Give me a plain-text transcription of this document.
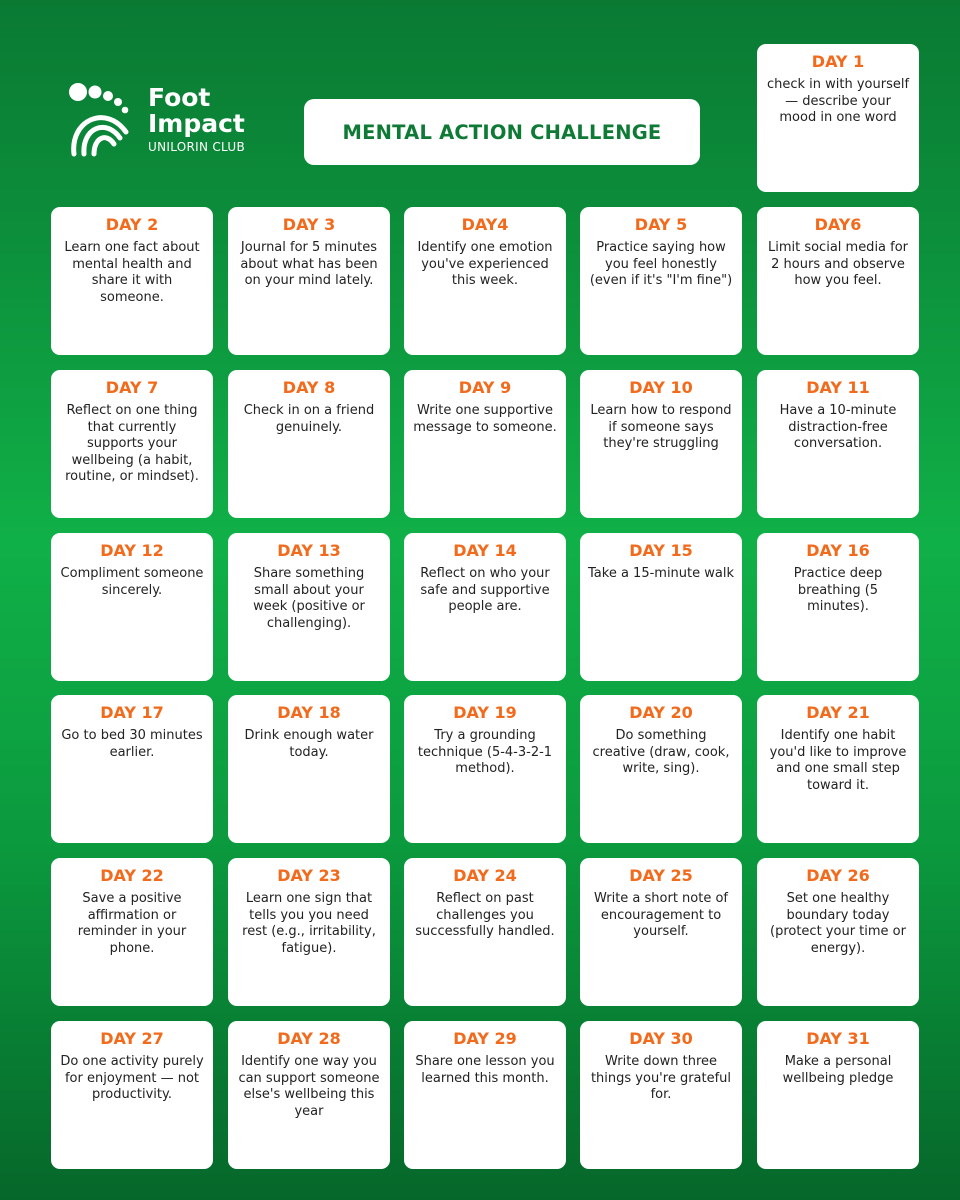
Foot
Impact
UNILORIN CLUB
MENTAL ACTION CHALLENGE
DAY 1
check in with yourself — describe your mood in one word
DAY 2
Learn one fact about mental health and share it with someone.
DAY 3
Journal for 5 minutes about what has been on your mind lately.
DAY4
Identify one emotion you've experienced this week.
DAY 5
Practice saying how you feel honestly (even if it's "I'm fine")
DAY6
Limit social media for 2 hours and observe how you feel.
DAY 7
Reflect on one thing that currently supports your wellbeing (a habit, routine, or mindset).
DAY 8
Check in on a friend genuinely.
DAY 9
Write one supportive message to someone.
DAY 10
Learn how to respond if someone says they're struggling
DAY 11
Have a 10-minute distraction-free conversation.
DAY 12
Compliment someone sincerely.
DAY 13
Share something small about your week (positive or challenging).
DAY 14
Reflect on who your safe and supportive people are.
DAY 15
Take a 15-minute walk
DAY 16
Practice deep breathing (5 minutes).
DAY 17
Go to bed 30 minutes earlier.
DAY 18
Drink enough water today.
DAY 19
Try a grounding technique (5-4-3-2-1 method).
DAY 20
Do something creative (draw, cook, write, sing).
DAY 21
Identify one habit you'd like to improve and one small step toward it.
DAY 22
Save a positive affirmation or reminder in your phone.
DAY 23
Learn one sign that tells you you need rest (e.g., irritability, fatigue).
DAY 24
Reflect on past challenges you successfully handled.
DAY 25
Write a short note of encouragement to yourself.
DAY 26
Set one healthy boundary today (protect your time or energy).
DAY 27
Do one activity purely for enjoyment — not productivity.
DAY 28
Identify one way you can support someone else's wellbeing this year
DAY 29
Share one lesson you learned this month.
DAY 30
Write down three things you're grateful for.
DAY 31
Make a personal wellbeing pledge
